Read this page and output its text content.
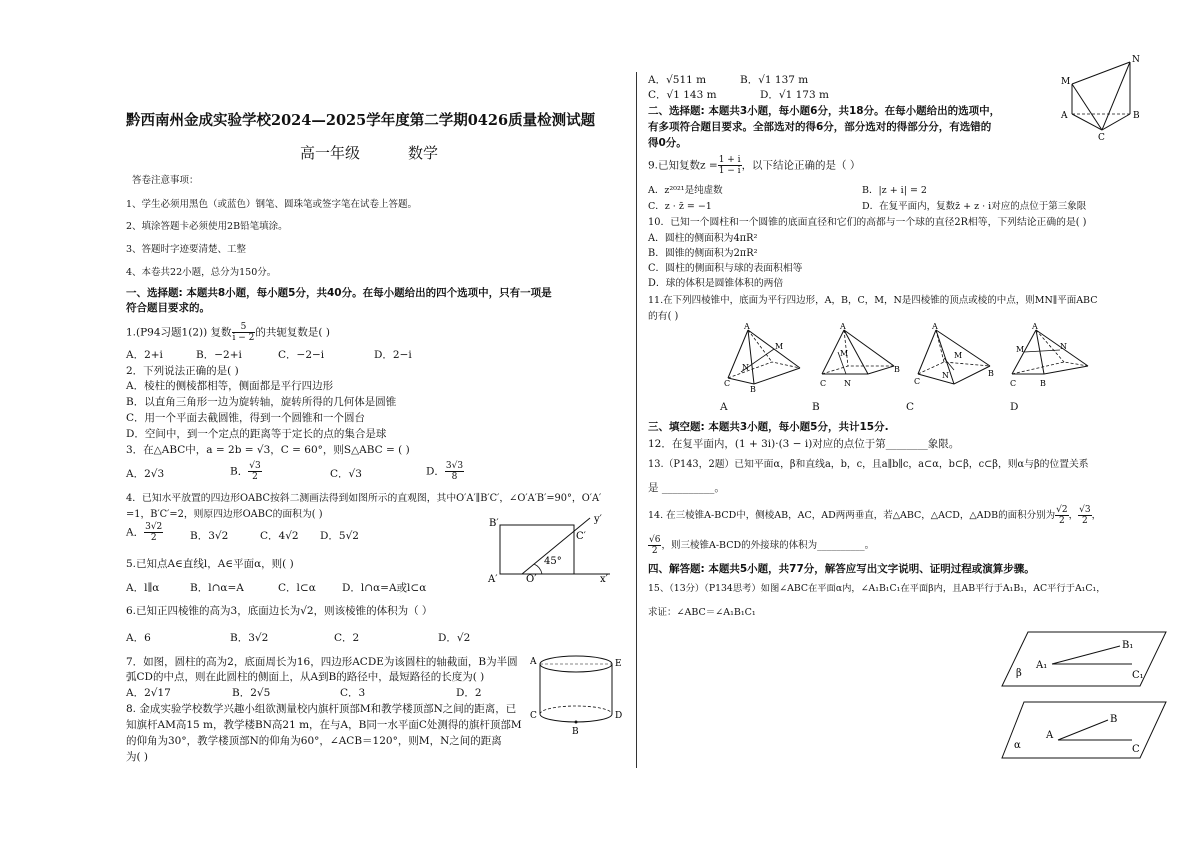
黔西南州金成实验学校2024—2025学年度第二学期0426质量检测试题
高一年级	数学
答卷注意事项：
1、学生必须用黑色（或蓝色）钢笔、圆珠笔或签字笔在试卷上答题。
2、填涂答题卡必须使用2B铅笔填涂。
3、答题时字迹要清楚、工整
4、本卷共22小题，总分为150分。
一、选择题: 本题共8小题，每小题5分，共40分。在每小题给出的四个选项中，只有一项是
符合题目要求的。
1.(P94习题1(2)) 复数 $\frac{5}{i - 2}$ 的共轭复数是( )
A．2+i	B．−2+i	C．−2−i	D．2−i
2．下列说法正确的是( )
A．棱柱的侧棱都相等，侧面都是平行四边形
B．以直角三角形一边为旋转轴，旋转所得的几何体是圆锥
C．用一个平面去截圆锥，得到一个圆锥和一个圆台
D．空间中，到一个定点的距离等于定长的点的集合是球
3．在△ABC中，a = 2b = √3，C = 60°，则S△ABC = ( )
A．2√3	B． $\frac{√3}{2}$	C．√3	D． $\frac{3√3}{8}$
4．已知水平放置的四边形OABC按斜二测画法得到如图所示的直观图，其中O′A′∥B′C′，∠O′A′B′=90°，O′A′
=1，B′C′=2，则原四边形OABC的面积为( )
A． $\frac{3√2}{2}$	B．3√2	C．4√2 D．5√2
B′
C′
y′
45°
A′	O′	x′
5.已知点A∈直线l，A∈平面α，则( )
A．l∥α	B．l∩α=A	C．l⊂α D．l∩α=A或l⊂α
6.已知正四棱锥的高为3，底面边长为√2，则该棱锥的体积为（ ）
A．6	B．3√2	C．2	D．√2
7．如图，圆柱的高为2，底面周长为16，四边形ACDE为该圆柱的轴截面，B为半圆
弧CD的中点，则在此圆柱的侧面上，从A到B的路径中，最短路径的长度为( )
A．2√17	B．2√5	C．3	D．2
A	E
C	D
B
8. 金成实验学校数学兴趣小组欲测量校内旗杆顶部M和教学楼顶部N之间的距离，已
知旗杆AM高15 m，教学楼BN高21 m，在与A，B同一水平面C处测得的旗杆顶部M
的仰角为30°，教学楼顶部N的仰角为60°，∠ACB＝120°，则M，N之间的距离
为( )
A．√511 m	B．√1 137 m
C．√1 143 m	D．√1 173 m
M
N
A	B
C
二、选择题: 本题共3小题，每小题6分，共18分。在每小题给出的选项中，
有多项符合题目要求。全部选对的得6分，部分选对的得部分分，有选错的
得0分。
9.已知复数$z = \frac{1 + i}{1 - i}$ ，以下结论正确的是（ ）
A．z²⁰²¹是纯虚数	B．|z + i| = 2
C．z · z̄ = −1	D．在复平面内，复数z̄ + z · i对应的点位于第三象限
10．已知一个圆柱和一个圆锥的底面直径和它们的高都与一个球的直径2R相等，下列结论正确的是( )
A．圆柱的侧面积为4πR²
B．圆锥的侧面积为2πR²
C．圆柱的侧面积与球的表面积相等
D．球的体积是圆锥体积的两倍
11.在下列四棱锥中，底面为平行四边形，A，B，C，M，N是四棱锥的顶点或棱的中点，则MN∥平面ABC
的有( )
A
M
N
C
B
A
M
C N
B
A
M
N
C
B
A
M	N
C	B
A	B	C	D
三、填空题: 本题共3小题，每小题5分，共计15分.
12．在复平面内，(1 + 3i)·(3 − i)对应的点位于第________象限。
13.（P143，2题）已知平面α，β和直线a，b，c，且a∥b∥c，a⊂α，b⊂β，c⊂β，则α与β的位置关系
是 __________。
14. 在三棱锥A-BCD中，侧棱AB，AC，AD两两垂直，若△ABC，△ACD，△ADB的面积分别为 $\frac{√2}{2}$ ， $\frac{√3}{2}$ ，
$\frac{√6}{2}$ ，则三棱锥A-BCD的外接球的体积为__________。
四、解答题: 本题共5小题，共77分，解答应写出文字说明、证明过程或演算步骤。
15、（13分）（P134思考）如图∠ABC在平面α内，∠A₁B₁C₁在平面β内，且AB平行于A₁B₁，AC平行于A₁C₁，
求证：∠ABC＝∠A₁B₁C₁
B₁
A₁
C₁
β
B
A
C
α
